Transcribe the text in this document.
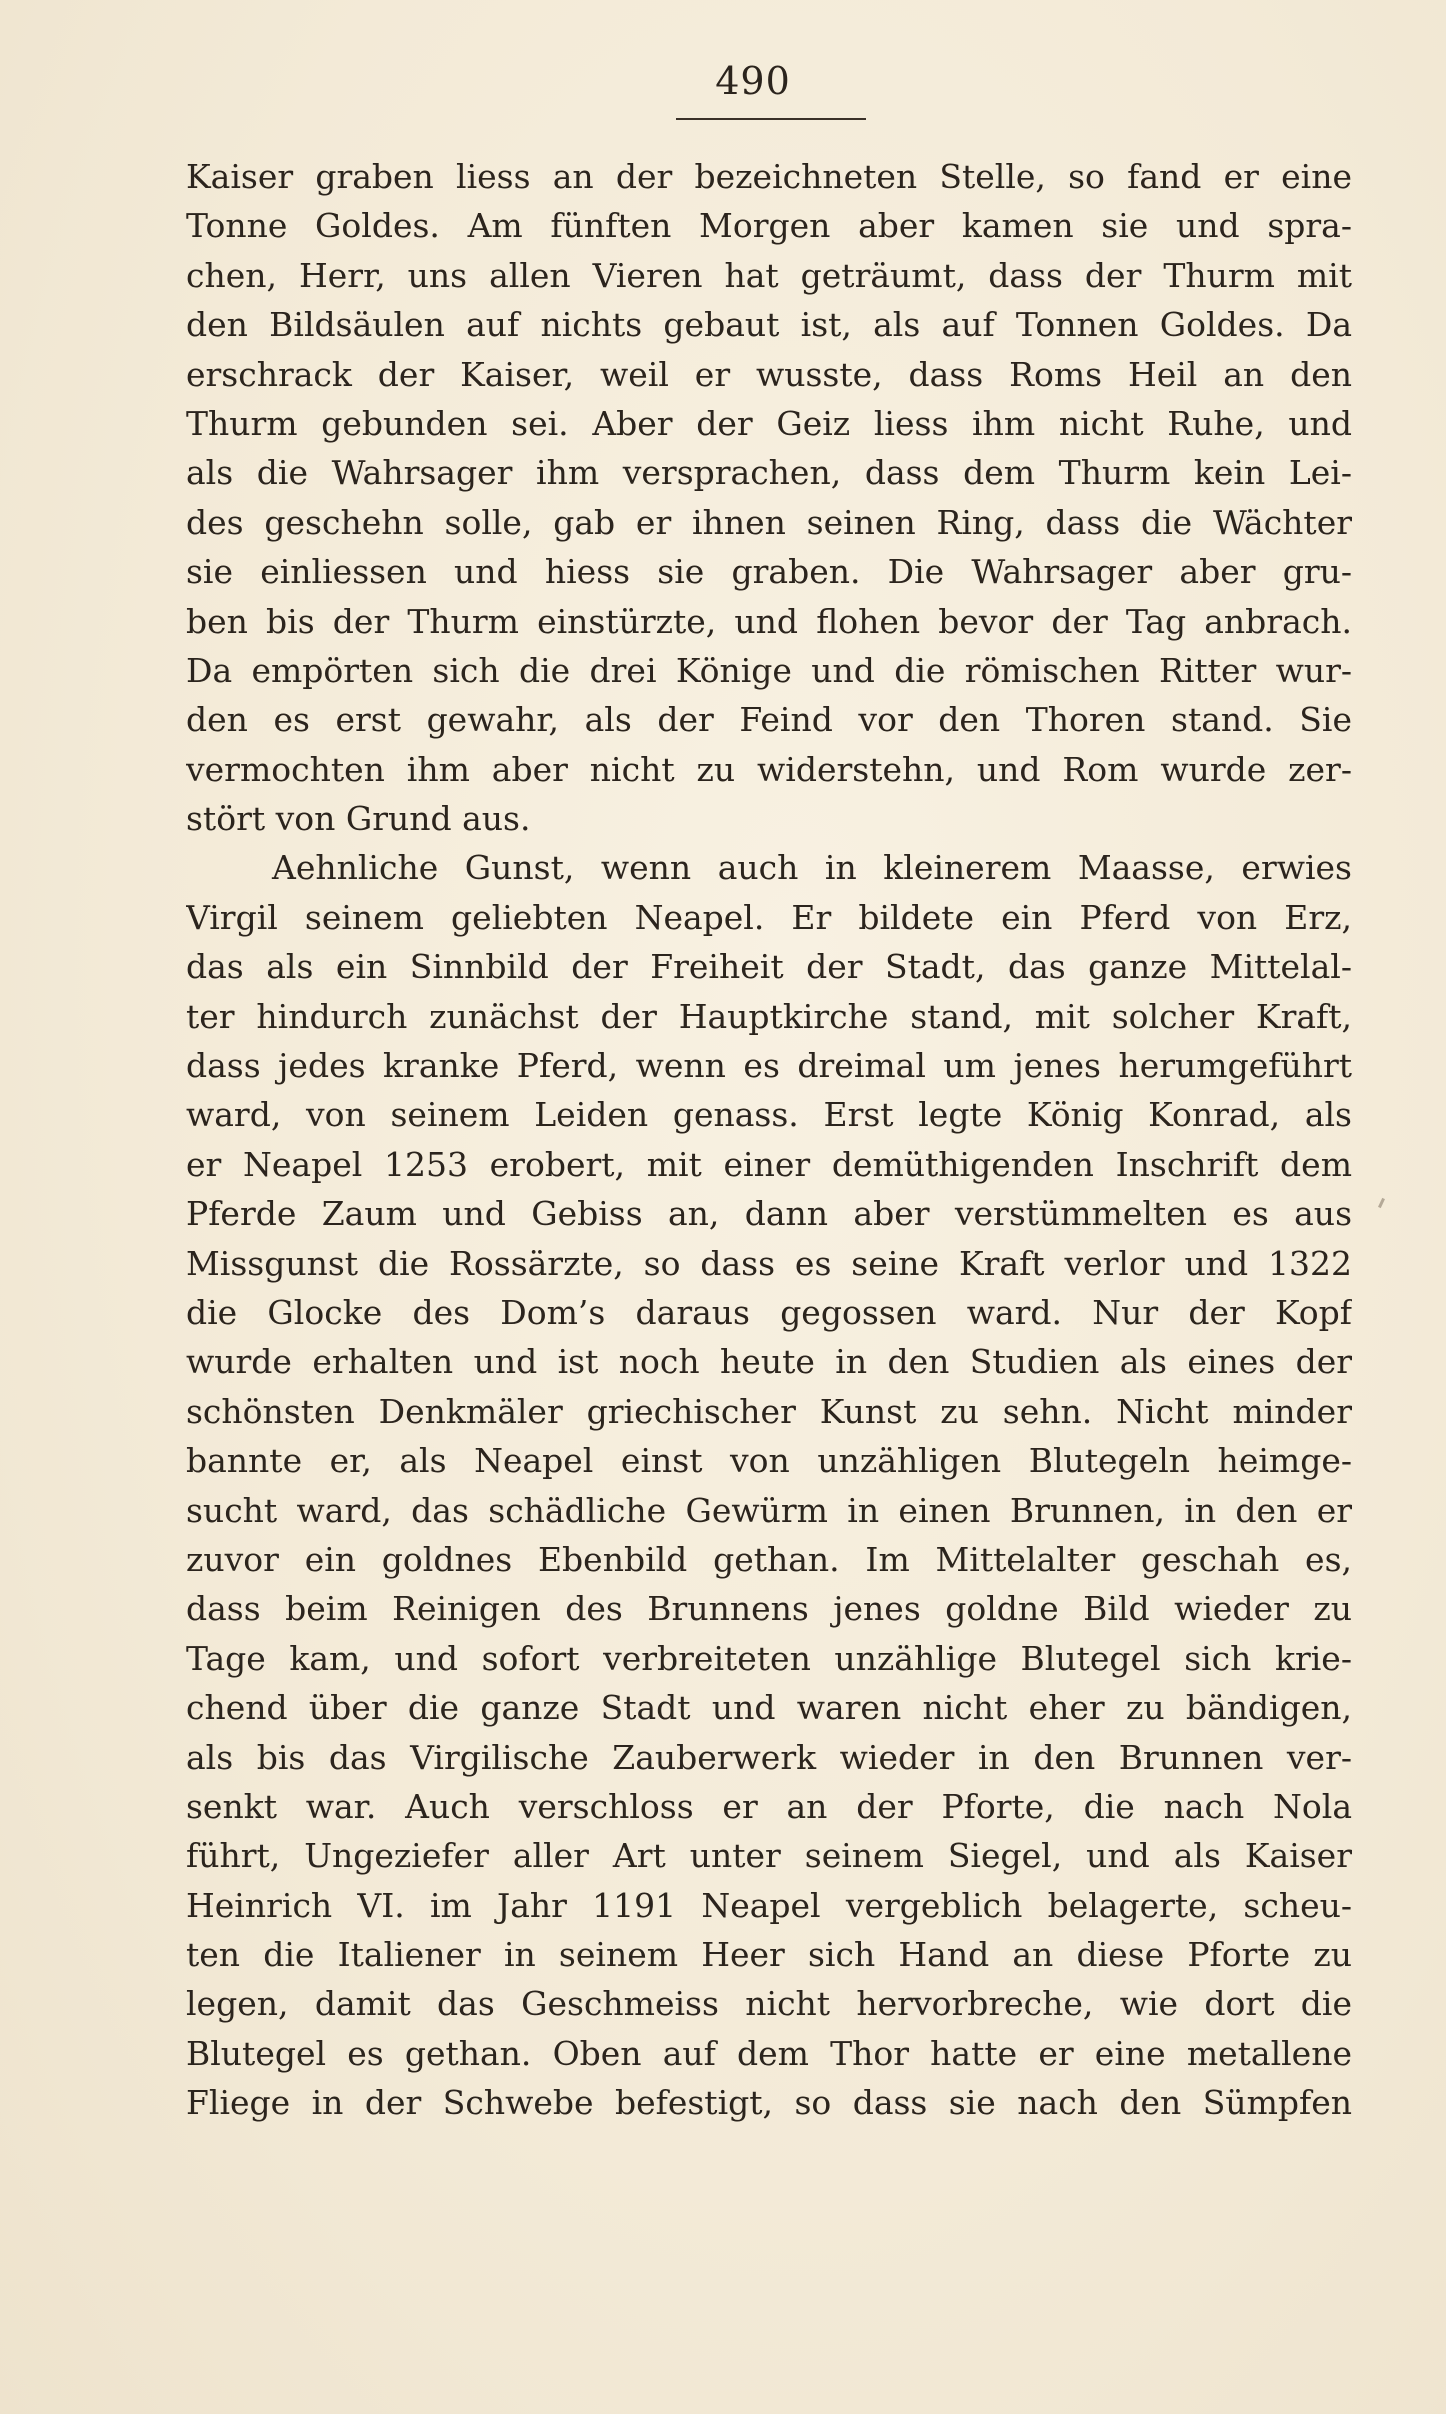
490
Kaiser graben liess an der bezeichneten Stelle, so fand er eine
Tonne Goldes. Am fünften Morgen aber kamen sie und spra-
chen, Herr, uns allen Vieren hat geträumt, dass der Thurm mit
den Bildsäulen auf nichts gebaut ist, als auf Tonnen Goldes. Da
erschrack der Kaiser, weil er wusste, dass Roms Heil an den
Thurm gebunden sei. Aber der Geiz liess ihm nicht Ruhe, und
als die Wahrsager ihm versprachen, dass dem Thurm kein Lei-
des geschehn solle, gab er ihnen seinen Ring, dass die Wächter
sie einliessen und hiess sie graben. Die Wahrsager aber gru-
ben bis der Thurm einstürzte, und flohen bevor der Tag anbrach.
Da empörten sich die drei Könige und die römischen Ritter wur-
den es erst gewahr, als der Feind vor den Thoren stand. Sie
vermochten ihm aber nicht zu widerstehn, und Rom wurde zer-
stört von Grund aus.
Aehnliche Gunst, wenn auch in kleinerem Maasse, erwies
Virgil seinem geliebten Neapel. Er bildete ein Pferd von Erz,
das als ein Sinnbild der Freiheit der Stadt, das ganze Mittelal-
ter hindurch zunächst der Hauptkirche stand, mit solcher Kraft,
dass jedes kranke Pferd, wenn es dreimal um jenes herumgeführt
ward, von seinem Leiden genass. Erst legte König Konrad, als
er Neapel 1253 erobert, mit einer demüthigenden Inschrift dem
Pferde Zaum und Gebiss an, dann aber verstümmelten es aus
Missgunst die Rossärzte, so dass es seine Kraft verlor und 1322
die Glocke des Dom’s daraus gegossen ward. Nur der Kopf
wurde erhalten und ist noch heute in den Studien als eines der
schönsten Denkmäler griechischer Kunst zu sehn. Nicht minder
bannte er, als Neapel einst von unzähligen Blutegeln heimge-
sucht ward, das schädliche Gewürm in einen Brunnen, in den er
zuvor ein goldnes Ebenbild gethan. Im Mittelalter geschah es,
dass beim Reinigen des Brunnens jenes goldne Bild wieder zu
Tage kam, und sofort verbreiteten unzählige Blutegel sich krie-
chend über die ganze Stadt und waren nicht eher zu bändigen,
als bis das Virgilische Zauberwerk wieder in den Brunnen ver-
senkt war. Auch verschloss er an der Pforte, die nach Nola
führt, Ungeziefer aller Art unter seinem Siegel, und als Kaiser
Heinrich VI. im Jahr 1191 Neapel vergeblich belagerte, scheu-
ten die Italiener in seinem Heer sich Hand an diese Pforte zu
legen, damit das Geschmeiss nicht hervorbreche, wie dort die
Blutegel es gethan. Oben auf dem Thor hatte er eine metallene
Fliege in der Schwebe befestigt, so dass sie nach den Sümpfen
